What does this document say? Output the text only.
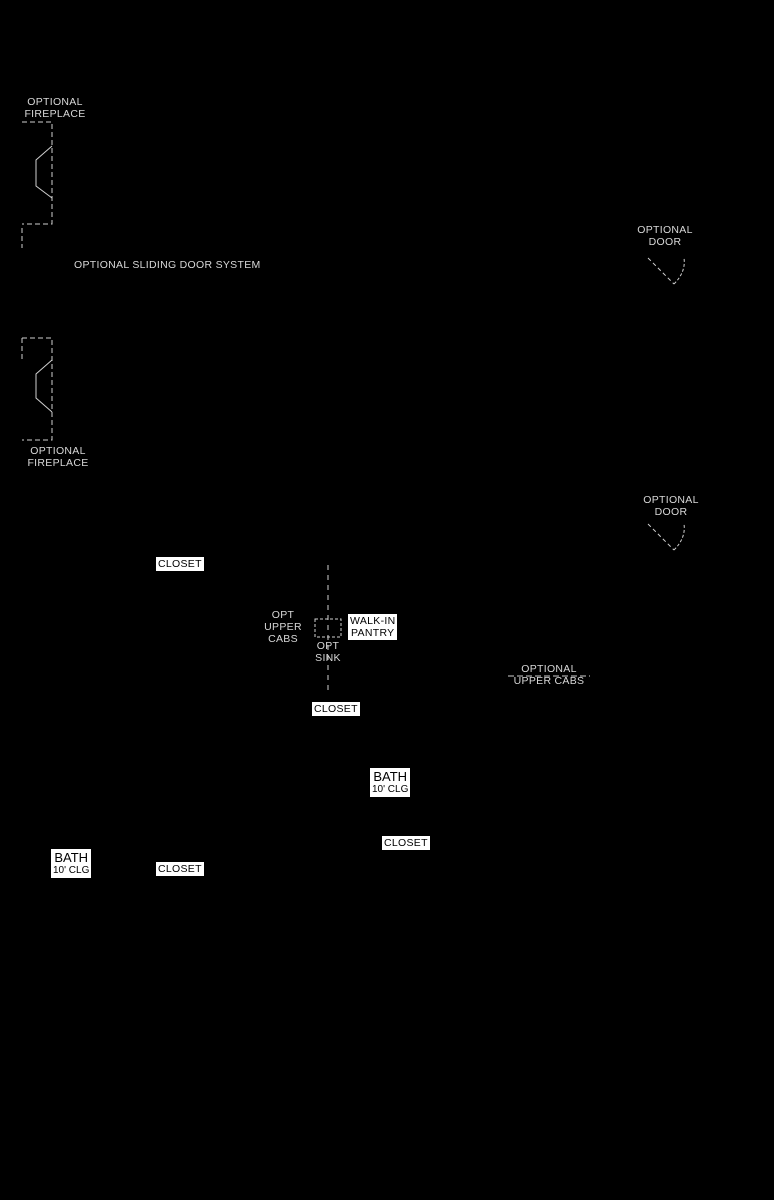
OPTIONAL
FIREPLACE
OPTIONAL SLIDING DOOR SYSTEM
OPTIONAL
FIREPLACE
OPTIONAL
DOOR
OPTIONAL
DOOR
OPT
UPPER
CABS
OPT
SINK
OPTIONAL
UPPER CABS
CLOSET
WALK-IN
PANTRY
CLOSET
BATH
10' CLG
CLOSET
BATH
10' CLG	CLOSET
